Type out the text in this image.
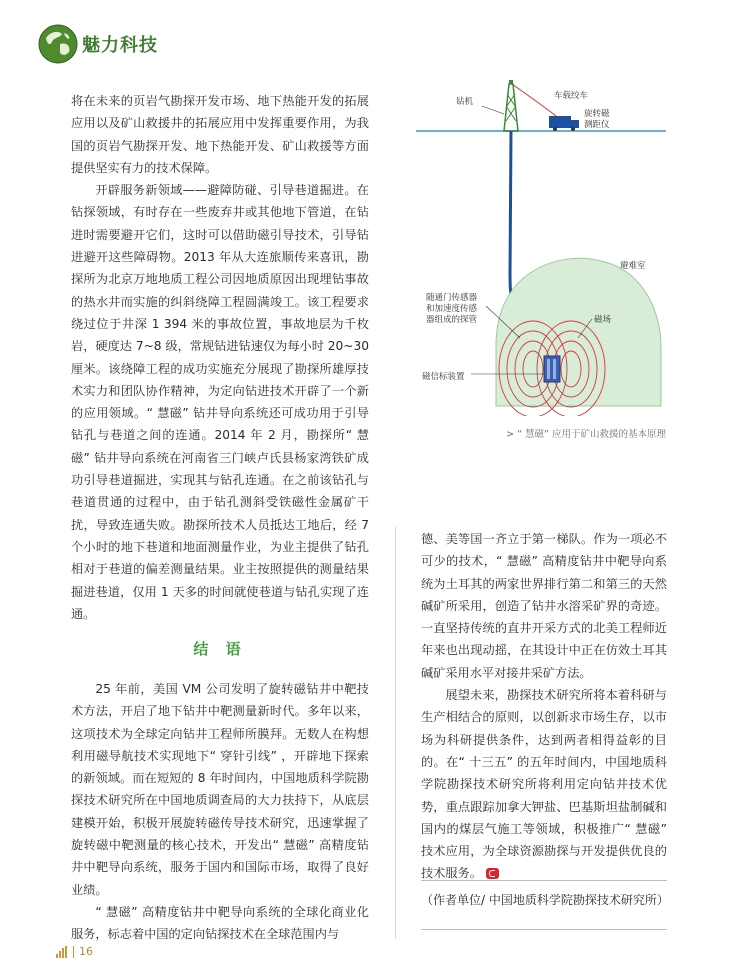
魅力科技

将在未来的页岩气勘探开发市场、地下热能开发的拓展应用以及矿山救援井的拓展应用中发挥重要作用，为我国的页岩气勘探开发、地下热能开发、矿山救援等方面提供坚实有力的技术保障。

开辟服务新领域——避障防碰、引导巷道掘进。在钻探领域，有时存在一些废弃井或其他地下管道，在钻进时需要避开它们，这时可以借助磁引导技术，引导钻进避开这些障碍物。2013 年从大连旅顺传来喜讯，勘探所为北京万地地质工程公司因地质原因出现埋钻事故的热水井而实施的纠斜绕障工程圆满竣工。该工程要求绕过位于井深 1 394 米的事故位置，事故地层为千枚岩，硬度达 7~8 级，常规钻进钻速仅为每小时 20~30 厘米。该绕障工程的成功实施充分展现了勘探所雄厚技术实力和团队协作精神，为定向钻进技术开辟了一个新的应用领域。“ 慧磁” 钻井导向系统还可成功用于引导钻孔与巷道之间的连通。2014 年 2 月，勘探所“ 慧磁” 钻井导向系统在河南省三门峡卢氏县杨家湾铁矿成功引导巷道掘进，实现其与钻孔连通。在之前该钻孔与巷道贯通的过程中，由于钻孔测斜受铁磁性金属矿干扰，导致连通失败。勘探所技术人员抵达工地后，经 7 个小时的地下巷道和地面测量作业，为业主提供了钻孔相对于巷道的偏差测量结果。业主按照提供的测量结果掘进巷道，仅用 1 天多的时间就使巷道与钻孔实现了连通。

结 语

25 年前，美国 VM 公司发明了旋转磁钻井中靶技术方法，开启了地下钻井中靶测量新时代。多年以来，这项技术为全球定向钻井工程师所膜拜。无数人在构想利用磁导航技术实现地下“ 穿针引线” ，开辟地下探索的新领域。而在短短的 8 年时间内，中国地质科学院勘探技术研究所在中国地质调查局的大力扶持下，从底层建模开始，积极开展旋转磁传导技术研究，迅速掌握了旋转磁中靶测量的核心技术，开发出“ 慧磁” 高精度钻井中靶导向系统，服务于国内和国际市场，取得了良好业绩。

“ 慧磁” 高精度钻井中靶导向系统的全球化商业化服务，标志着中国的定向钻探技术在全球范围内与

钻机
车载绞车
旋转磁
测距仪
避难室
随通门传感器
和加速度传感
器组成的探管	磁场
磁信标装置
> “ 慧磁” 应用于矿山救援的基本原理

德、美等国一齐立于第一梯队。作为一项必不可少的技术，“ 慧磁” 高精度钻井中靶导向系统为土耳其的两家世界排行第二和第三的天然碱矿所采用，创造了钻井水溶采矿界的奇迹。一直坚持传统的直井开采方式的北美工程师近年来也出现动摇，在其设计中正在仿效土耳其碱矿采用水平对接井采矿方法。

展望未来，勘探技术研究所将本着科研与生产相结合的原则，以创新求市场生存，以市场为科研提供条件，达到两者相得益彰的目的。在“ 十三五” 的五年时间内，中国地质科学院勘探技术研究所将利用定向钻井技术优势，重点跟踪加拿大钾盐、巴基斯坦盐制碱和国内的煤层气施工等领域，积极推广“ 慧磁” 技术应用，为全球资源勘探与开发提供优良的技术服务。

（作者单位/ 中国地质科学院勘探技术研究所）
16
